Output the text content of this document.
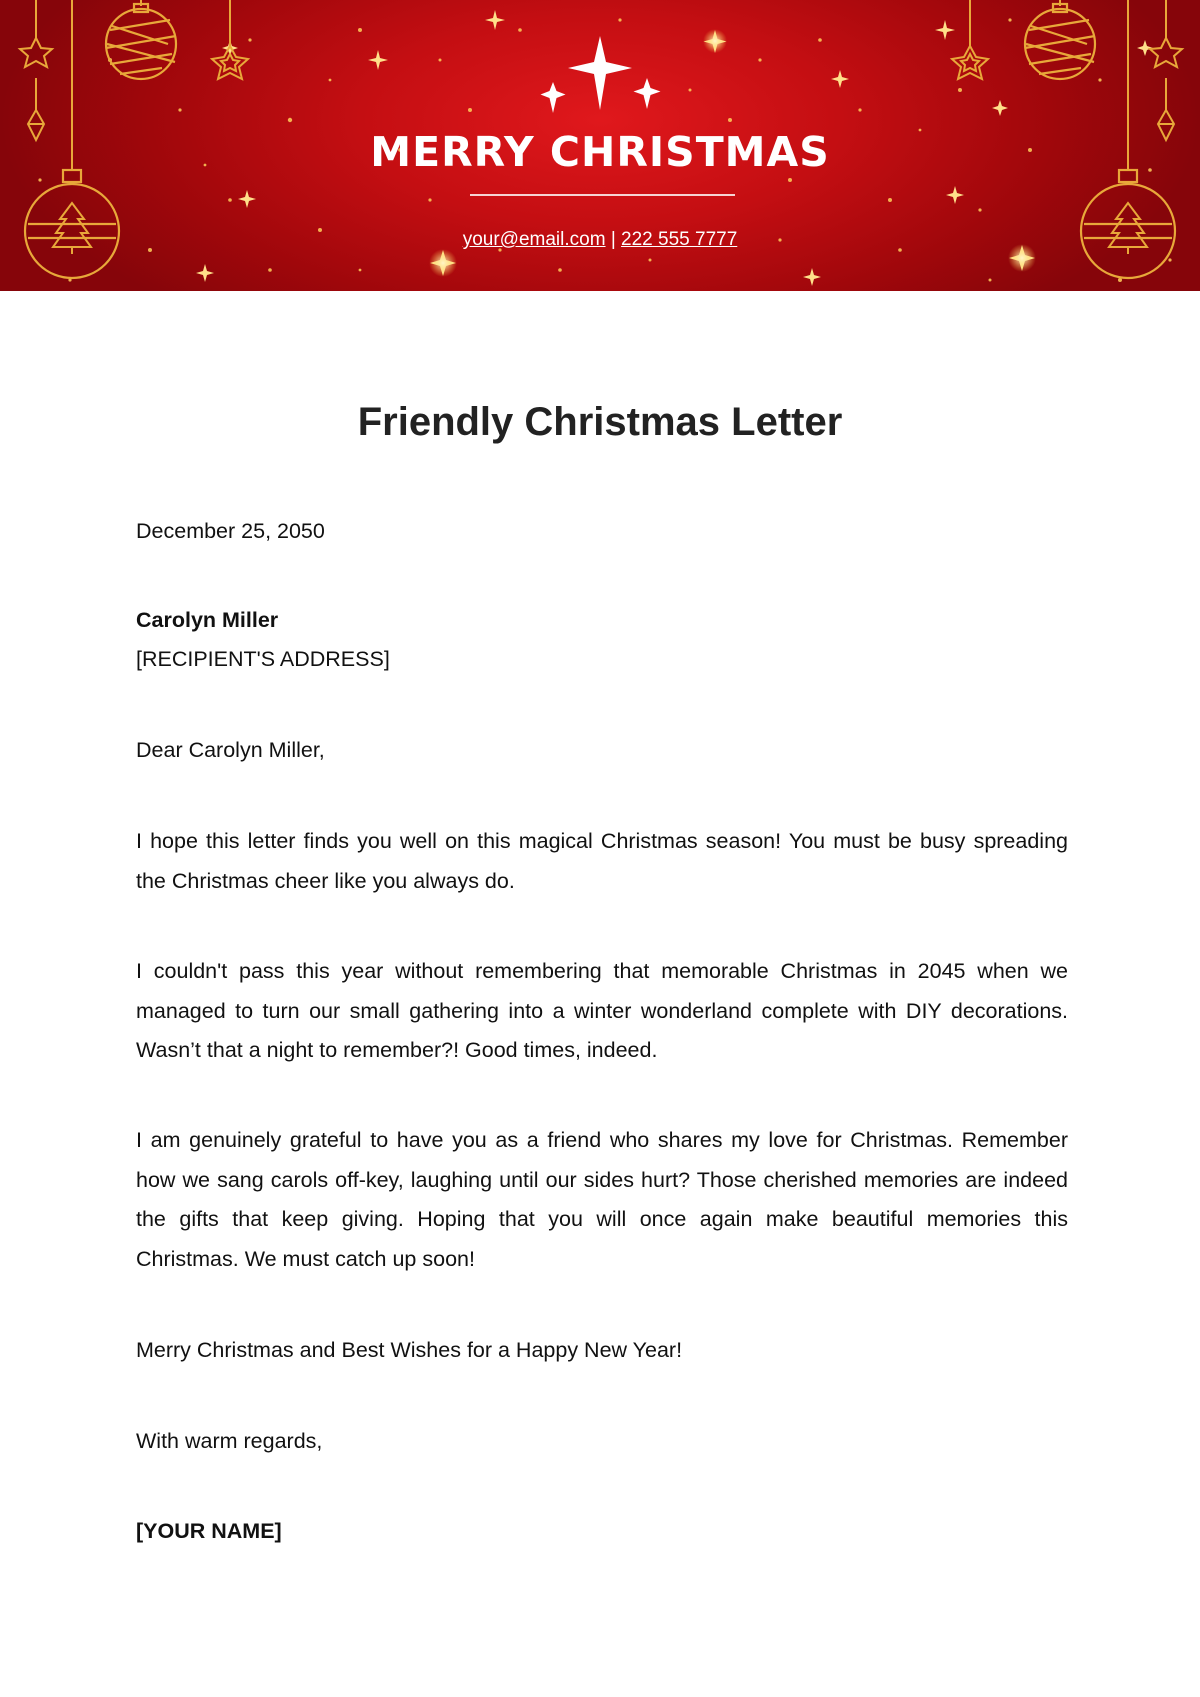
MERRY CHRISTMAS
your@email.com | 222 555 7777
Friendly Christmas Letter
December 25, 2050
Carolyn Miller
[RECIPIENT'S ADDRESS]
Dear Carolyn Miller,
I hope this letter finds you well on this magical Christmas season! You must be busy spreading the Christmas cheer like you always do.
I couldn't pass this year without remembering that memorable Christmas in 2045 when we managed to turn our small gathering into a winter wonderland complete with DIY decorations. Wasn’t that a night to remember?! Good times, indeed.
I am genuinely grateful to have you as a friend who shares my love for Christmas. Remember how we sang carols off-key, laughing until our sides hurt? Those cherished memories are indeed the gifts that keep giving. Hoping that you will once again make beautiful memories this Christmas. We must catch up soon!
Merry Christmas and Best Wishes for a Happy New Year!
With warm regards,
[YOUR NAME]
